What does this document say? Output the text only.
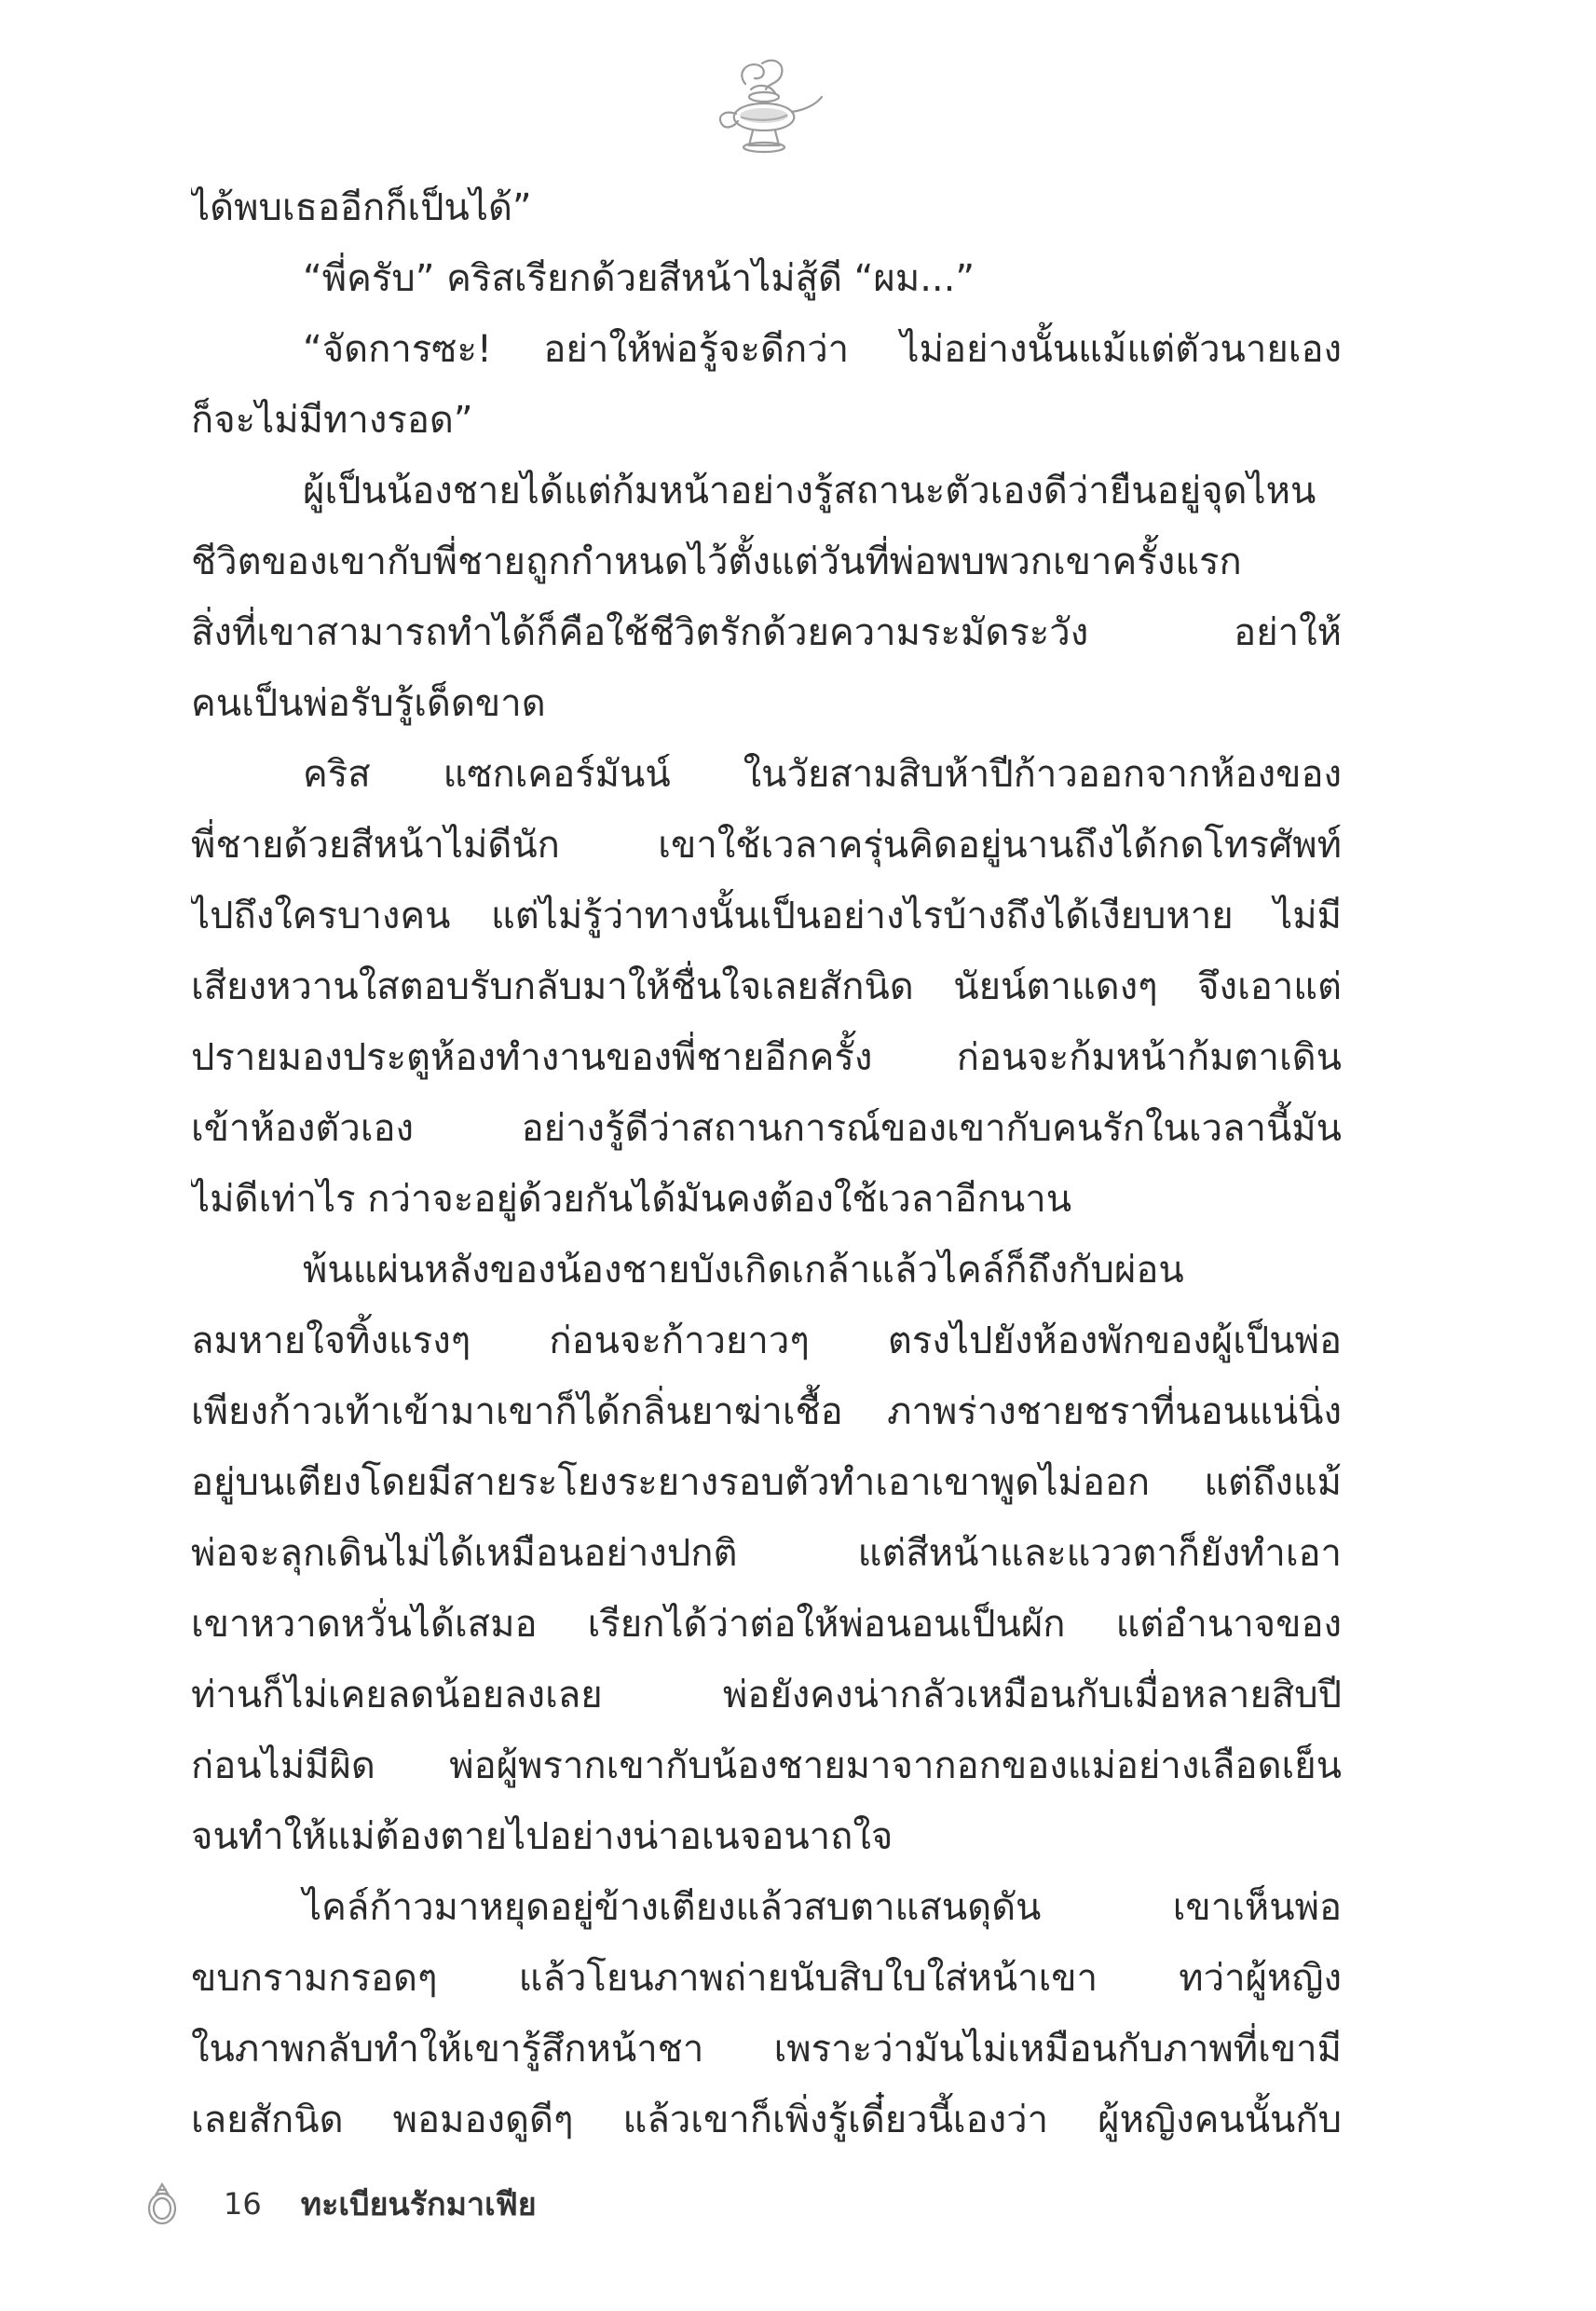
ได้พบเธออีกก็เป็นได้”
“พี่ครับ” คริสเรียกด้วยสีหน้าไม่สู้ดี “ผม...”
“จัดการซะ! อย่าให้พ่อรู้จะดีกว่า ไม่อย่างนั้นแม้แต่ตัวนายเอง
ก็จะไม่มีทางรอด”
ผู้เป็นน้องชายได้แต่ก้มหน้าอย่างรู้สถานะตัวเองดีว่ายืนอยู่จุดไหน
ชีวิตของเขากับพี่ชายถูกกำหนดไว้ตั้งแต่วันที่พ่อพบพวกเขาครั้งแรก
สิ่งที่เขาสามารถทำได้ก็คือใช้ชีวิตรักด้วยความระมัดระวัง อย่าให้
คนเป็นพ่อรับรู้เด็ดขาด
คริส แซกเคอร์มันน์ ในวัยสามสิบห้าปีก้าวออกจากห้องของ
พี่ชายด้วยสีหน้าไม่ดีนัก เขาใช้เวลาครุ่นคิดอยู่นานถึงได้กดโทรศัพท์
ไปถึงใครบางคน แต่ไม่รู้ว่าทางนั้นเป็นอย่างไรบ้างถึงได้เงียบหาย ไม่มี
เสียงหวานใสตอบรับกลับมาให้ชื่นใจเลยสักนิด นัยน์ตาแดงๆ จึงเอาแต่
ปรายมองประตูห้องทำงานของพี่ชายอีกครั้ง ก่อนจะก้มหน้าก้มตาเดิน
เข้าห้องตัวเอง อย่างรู้ดีว่าสถานการณ์ของเขากับคนรักในเวลานี้มัน
ไม่ดีเท่าไร กว่าจะอยู่ด้วยกันได้มันคงต้องใช้เวลาอีกนาน
พ้นแผ่นหลังของน้องชายบังเกิดเกล้าแล้วไคล์ก็ถึงกับผ่อน
ลมหายใจทิ้งแรงๆ ก่อนจะก้าวยาวๆ ตรงไปยังห้องพักของผู้เป็นพ่อ
เพียงก้าวเท้าเข้ามาเขาก็ได้กลิ่นยาฆ่าเชื้อ ภาพร่างชายชราที่นอนแน่นิ่ง
อยู่บนเตียงโดยมีสายระโยงระยางรอบตัวทำเอาเขาพูดไม่ออก แต่ถึงแม้
พ่อจะลุกเดินไม่ได้เหมือนอย่างปกติ แต่สีหน้าและแววตาก็ยังทำเอา
เขาหวาดหวั่นได้เสมอ เรียกได้ว่าต่อให้พ่อนอนเป็นผัก แต่อำนาจของ
ท่านก็ไม่เคยลดน้อยลงเลย พ่อยังคงน่ากลัวเหมือนกับเมื่อหลายสิบปี
ก่อนไม่มีผิด พ่อผู้พรากเขากับน้องชายมาจากอกของแม่อย่างเลือดเย็น
จนทำให้แม่ต้องตายไปอย่างน่าอเนจอนาถใจ
ไคล์ก้าวมาหยุดอยู่ข้างเตียงแล้วสบตาแสนดุดัน เขาเห็นพ่อ
ขบกรามกรอดๆ แล้วโยนภาพถ่ายนับสิบใบใส่หน้าเขา ทว่าผู้หญิง
ในภาพกลับทำให้เขารู้สึกหน้าชา เพราะว่ามันไม่เหมือนกับภาพที่เขามี
เลยสักนิด พอมองดูดีๆ แล้วเขาก็เพิ่งรู้เดี๋ยวนี้เองว่า ผู้หญิงคนนั้นกับ
16 ทะเบียนรักมาเฟีย
